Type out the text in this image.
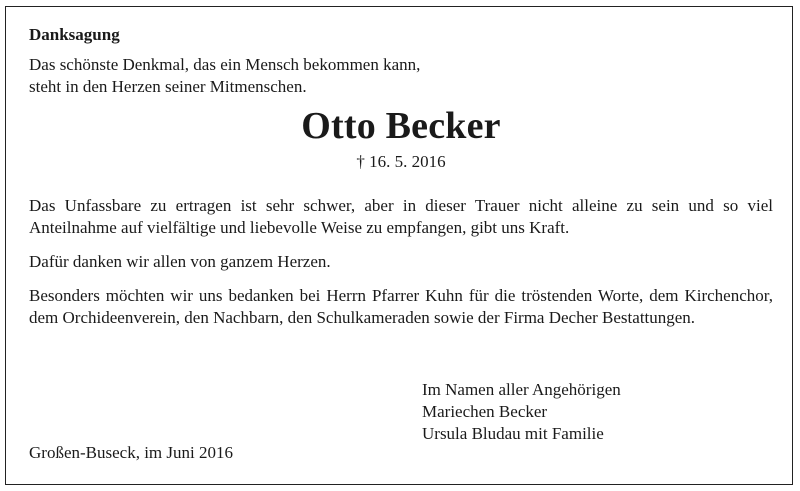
Danksagung

Das schönste Denkmal, das ein Mensch bekommen kann,
steht in den Herzen seiner Mitmenschen.

Otto Becker

† 16. 5. 2016

Das Unfassbare zu ertragen ist sehr schwer, aber in dieser Trauer nicht alleine zu sein und so viel Anteilnahme auf vielfältige und liebevolle Weise zu empfangen, gibt uns Kraft.

Dafür danken wir allen von ganzem Herzen.

Besonders möchten wir uns bedanken bei Herrn Pfarrer Kuhn für die tröstenden Worte, dem Kirchenchor, dem Orchideenverein, den Nachbarn, den Schulkameraden sowie der Firma Decher Bestattungen.

Im Namen aller Angehörigen
Mariechen Becker
Ursula Bludau mit Familie
Großen-Buseck, im Juni 2016
